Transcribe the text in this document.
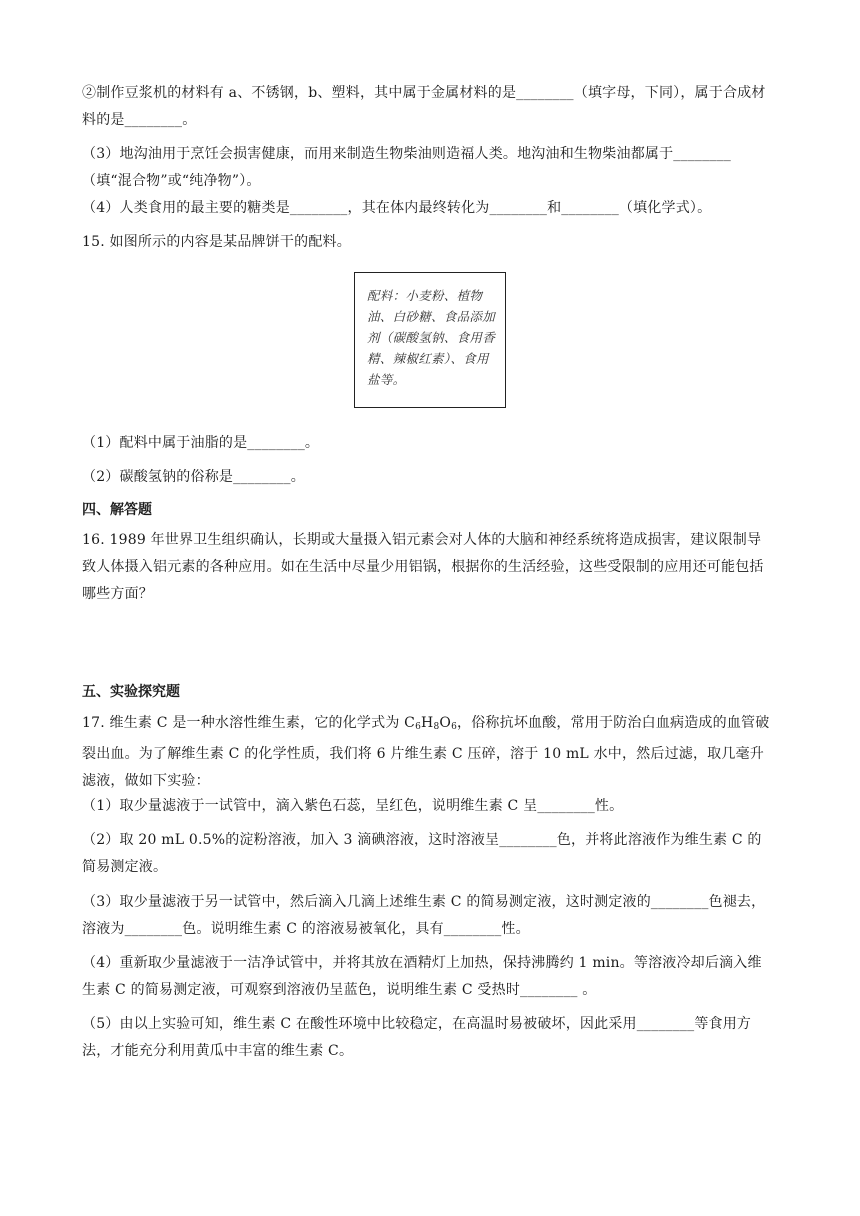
②制作豆浆机的材料有 a、不锈钢，b、塑料，其中属于金属材料的是________（填字母，下同），属于合成材料的是________。

（3）地沟油用于烹饪会损害健康，而用来制造生物柴油则造福人类。地沟油和生物柴油都属于________（填“混合物”或“纯净物”）。

（4）人类食用的最主要的糖类是________，其在体内最终转化为________和________（填化学式）。

15. 如图所示的内容是某品牌饼干的配料。

配料：小麦粉、植物油、白砂糖、食品添加剂（碳酸氢钠、食用香精、辣椒红素）、食用盐等。

（1）配料中属于油脂的是________。

（2）碳酸氢钠的俗称是________。

四、解答题

16. 1989 年世界卫生组织确认，长期或大量摄入铝元素会对人体的大脑和神经系统将造成损害，建议限制导致人体摄入铝元素的各种应用。如在生活中尽量少用铝锅，根据你的生活经验，这些受限制的应用还可能包括哪些方面？

五、实验探究题

17. 维生素 C 是一种水溶性维生素，它的化学式为 $C_6H_8O_6$，俗称抗坏血酸，常用于防治白血病造成的血管破裂出血。为了解维生素 C 的化学性质，我们将 6 片维生素 C 压碎，溶于 10 mL 水中，然后过滤，取几毫升滤液，做如下实验：

（1）取少量滤液于一试管中，滴入紫色石蕊，呈红色，说明维生素 C 呈________性。

（2）取 20 mL 0.5%的淀粉溶液，加入 3 滴碘溶液，这时溶液呈________色，并将此溶液作为维生素 C 的简易测定液。

（3）取少量滤液于另一试管中，然后滴入几滴上述维生素 C 的简易测定液，这时测定液的________色褪去，溶液为________色。说明维生素 C 的溶液易被氧化，具有________性。

（4）重新取少量滤液于一洁净试管中，并将其放在酒精灯上加热，保持沸腾约 1 min。等溶液冷却后滴入维生素 C 的简易测定液，可观察到溶液仍呈蓝色，说明维生素 C 受热时________ 。

（5）由以上实验可知，维生素 C 在酸性环境中比较稳定，在高温时易被破坏，因此采用________等食用方法，才能充分利用黄瓜中丰富的维生素 C。
